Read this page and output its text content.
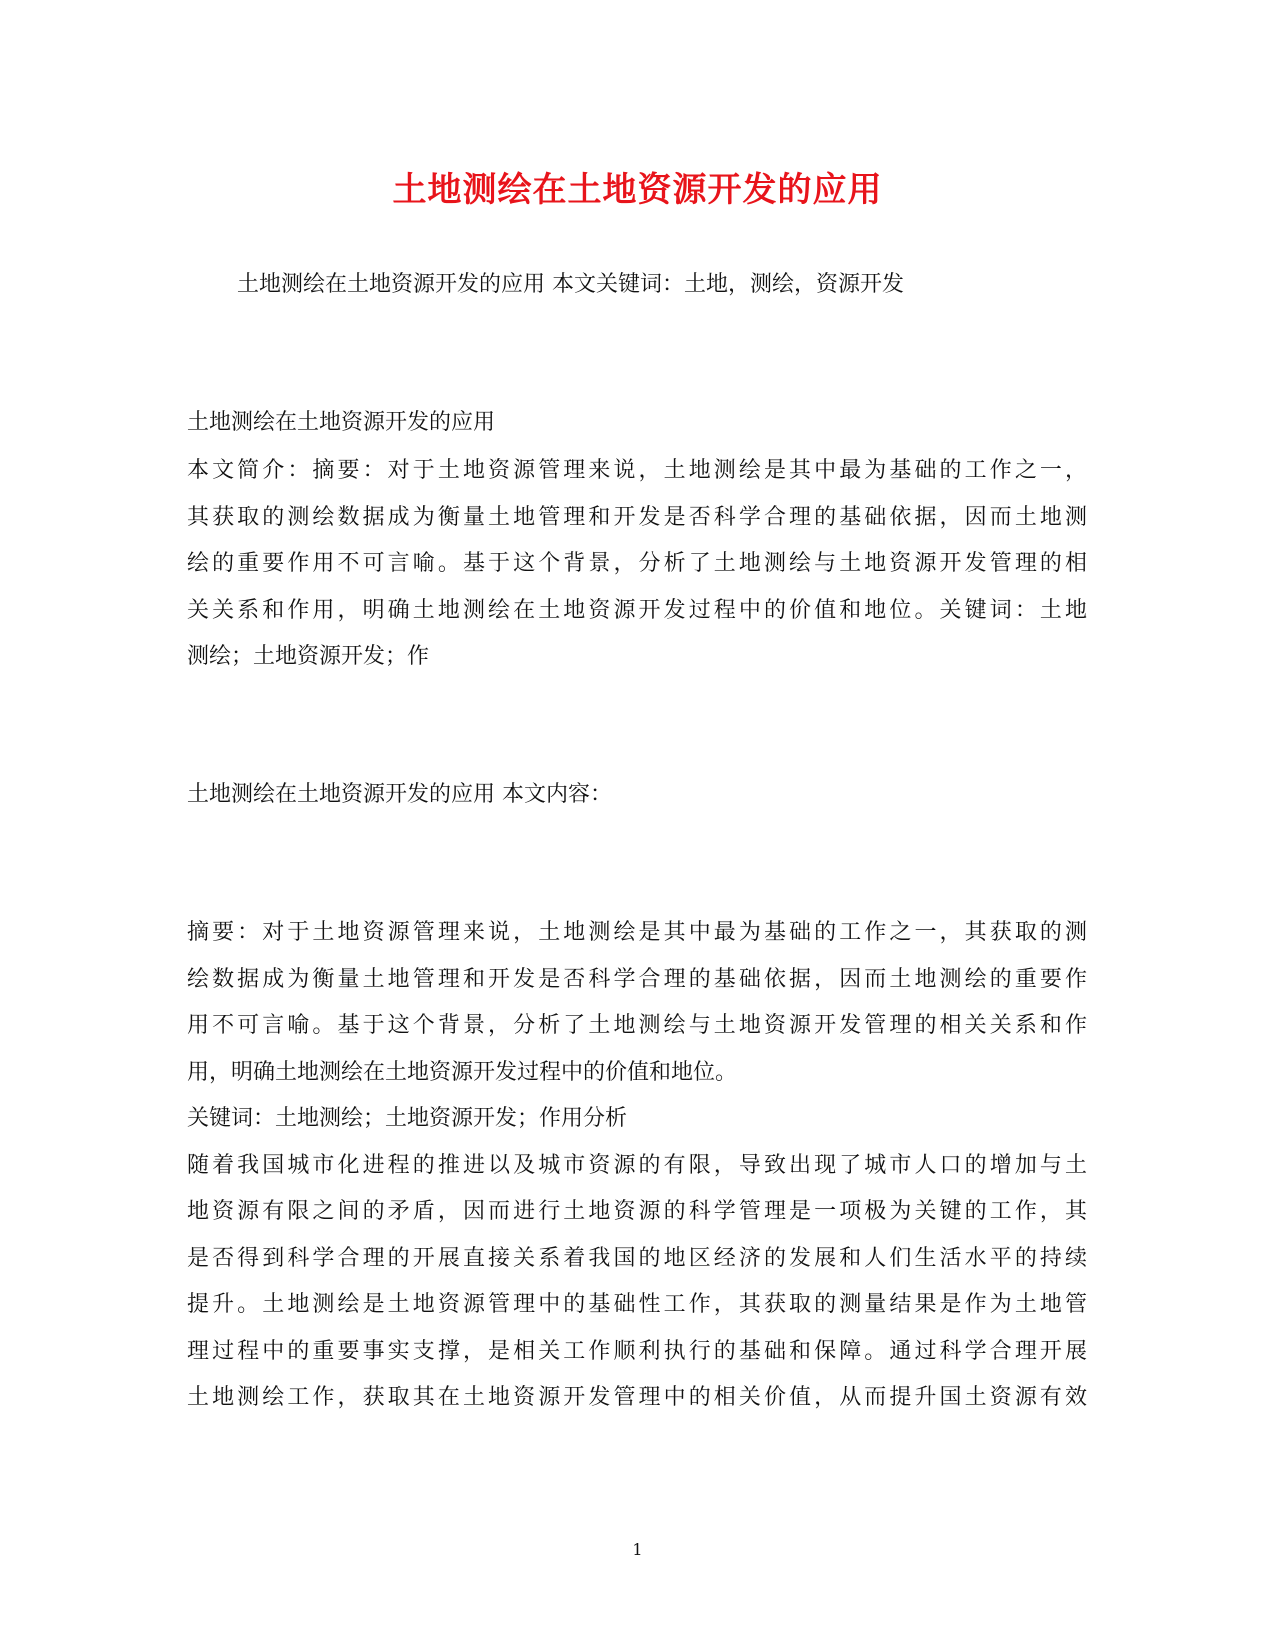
土地测绘在土地资源开发的应用
土地测绘在土地资源开发的应用 本文关键词：土地，测绘，资源开发
土地测绘在土地资源开发的应用
本文简介：摘要：对于土地资源管理来说，土地测绘是其中最为基础的工作之一，
其获取的测绘数据成为衡量土地管理和开发是否科学合理的基础依据，因而土地测
绘的重要作用不可言喻。基于这个背景，分析了土地测绘与土地资源开发管理的相
关关系和作用，明确土地测绘在土地资源开发过程中的价值和地位。关键词：土地
测绘；土地资源开发；作
土地测绘在土地资源开发的应用 本文内容：
摘要：对于土地资源管理来说，土地测绘是其中最为基础的工作之一，其获取的测
绘数据成为衡量土地管理和开发是否科学合理的基础依据，因而土地测绘的重要作
用不可言喻。基于这个背景，分析了土地测绘与土地资源开发管理的相关关系和作
用，明确土地测绘在土地资源开发过程中的价值和地位。
关键词：土地测绘；土地资源开发；作用分析
随着我国城市化进程的推进以及城市资源的有限，导致出现了城市人口的增加与土
地资源有限之间的矛盾，因而进行土地资源的科学管理是一项极为关键的工作，其
是否得到科学合理的开展直接关系着我国的地区经济的发展和人们生活水平的持续
提升。土地测绘是土地资源管理中的基础性工作，其获取的测量结果是作为土地管
理过程中的重要事实支撑，是相关工作顺利执行的基础和保障。通过科学合理开展
土地测绘工作，获取其在土地资源开发管理中的相关价值，从而提升国土资源有效
1
